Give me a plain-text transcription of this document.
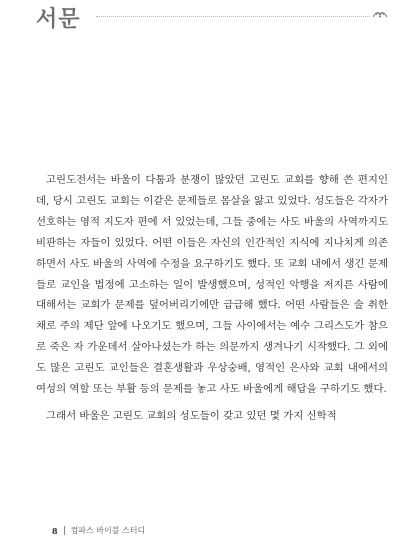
서문

고린도전서는 바울이 다툼과 분쟁이 많았던 고린도 교회를 향해 쓴 편지인데, 당시 고린도 교회는 이같은 문제들로 몸살을 앓고 있었다. 성도들은 각자가 선호하는 영적 지도자 편에 서 있었는데, 그들 중에는 사도 바울의 사역까지도 비판하는 자들이 있었다. 어떤 이들은 자신의 인간적인 지식에 지나치게 의존하면서 사도 바울의 사역에 수정을 요구하기도 했다. 또 교회 내에서 생긴 문제들로 교인을 법정에 고소하는 일이 발생했으며, 성적인 악행을 저지른 사람에 대해서는 교회가 문제를 덮어버리기에만 급급해 했다. 어떤 사람들은 술 취한 채로 주의 제단 앞에 나오기도 했으며, 그들 사이에서는 예수 그리스도가 참으로 죽은 자 가운데서 살아나셨는가 하는 의문까지 생겨나기 시작했다. 그 외에도 많은 고린도 교인들은 결혼생활과 우상숭배, 영적인 은사와 교회 내에서의 여성의 역할 또는 부활 등의 문제를 놓고 사도 바울에게 해답을 구하기도 했다.

그래서 바울은 고린도 교회의 성도들이 갖고 있던 몇 가지 신학적

8 컴파스 바이블 스터디
